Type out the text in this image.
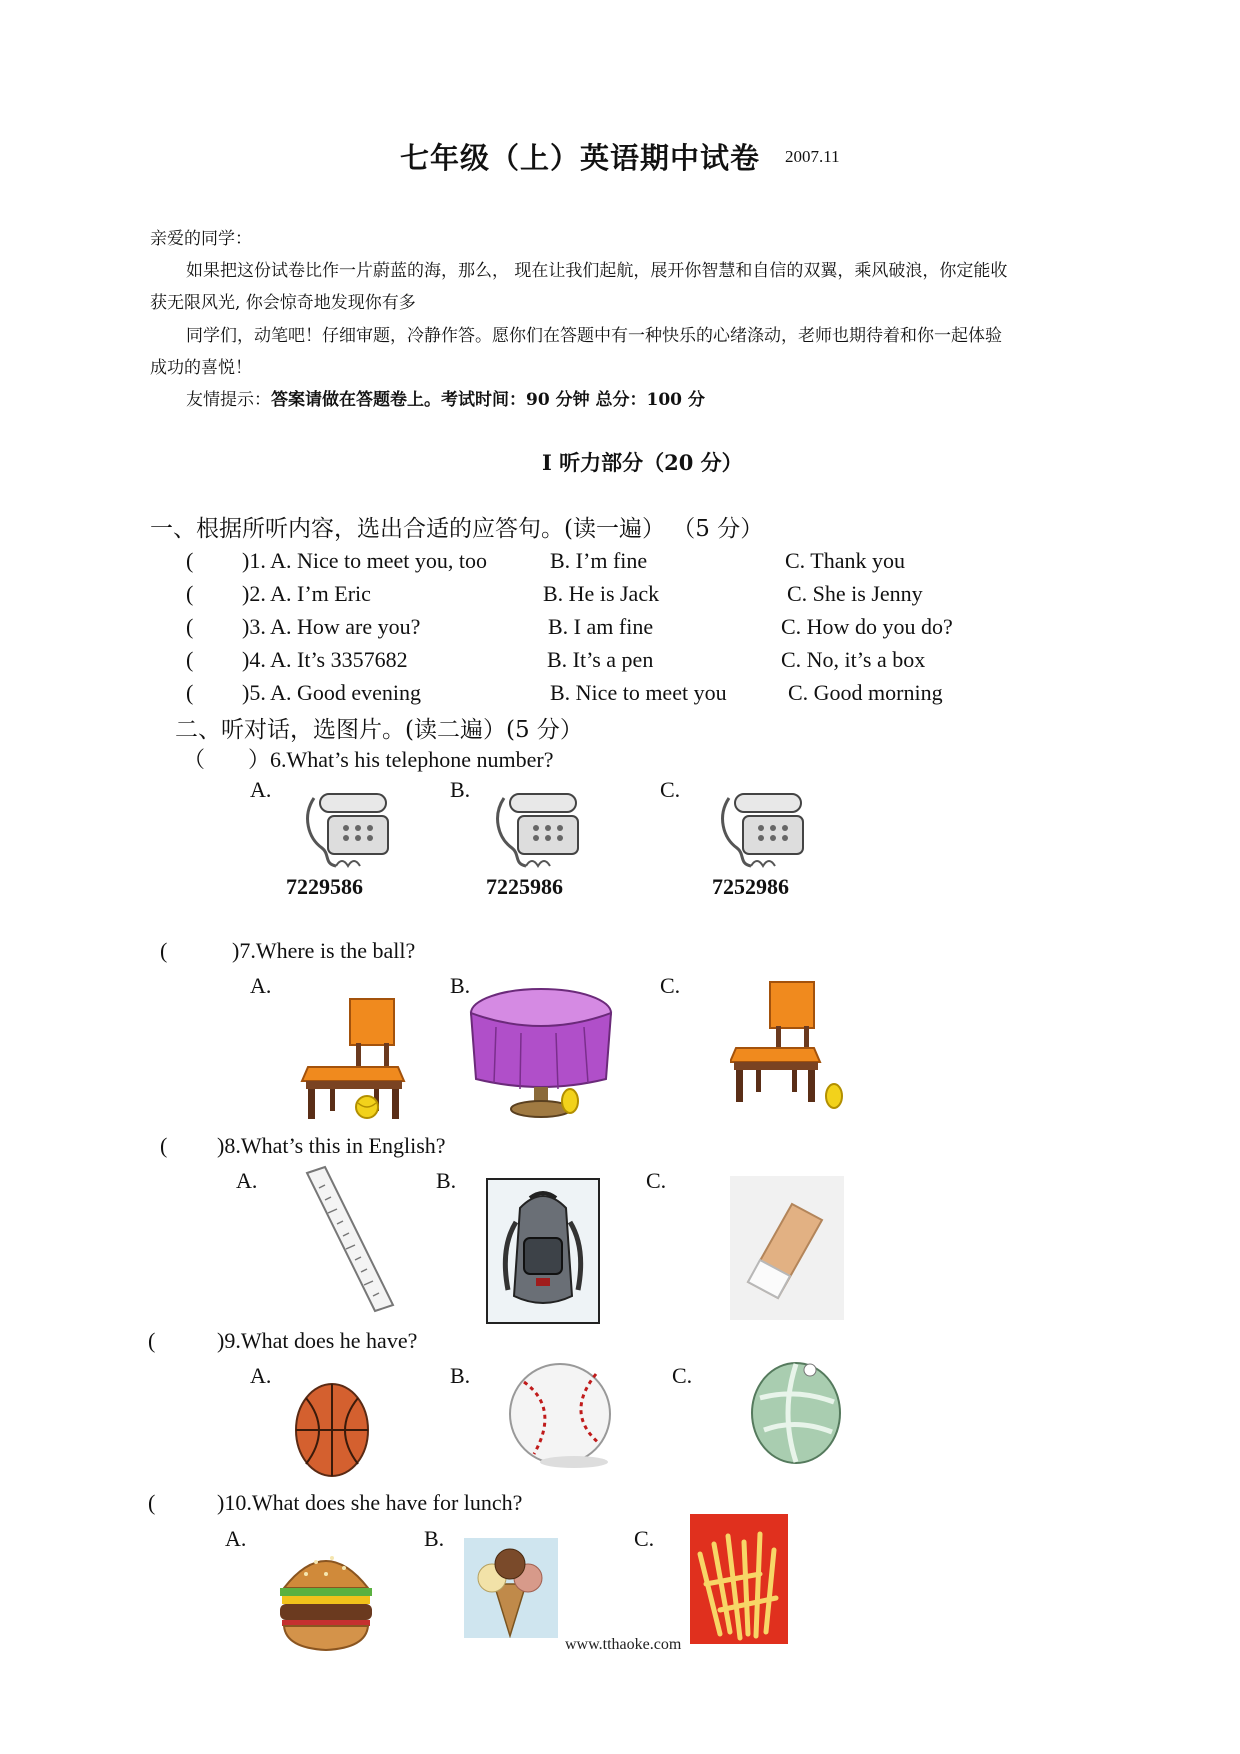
七年级（上）英语期中试卷 2007.11
亲爱的同学：
如果把这份试卷比作一片蔚蓝的海，那么， 现在让我们起航，展开你智慧和自信的双翼，乘风破浪，你定能收
获无限风光, 你会惊奇地发现你有多
同学们，动笔吧！仔细审题，冷静作答。愿你们在答题中有一种快乐的心绪涤动，老师也期待着和你一起体验
成功的喜悦！
友情提示：答案请做在答题卷上。考试时间：90 分钟 总分：100 分
I 听力部分（20 分）
一、根据所听内容，选出合适的应答句。(读一遍） （5 分）
( )1. A. Nice to meet you, too	B. I’m fine	C. Thank you
( )2. A. I’m Eric	B. He is Jack	C. She is Jenny
( )3. A. How are you?	B. I am fine	C. How do you do?
( )4. A. It’s 3357682	B. It’s a pen	C. No, it’s a box
( )5. A. Good evening	B. Nice to meet you	C. Good morning
二、听对话，选图片。(读二遍）(5 分）
（ ）6.What’s his telephone number?
A.	B.	C.
7229586	7225986	7252986
(	)7.Where is the ball?
A.	B.	C.
( )8.What’s this in English?
A.	B.	C.
(	)9.What does he have?
A.	B.	C.
(	)10.What does she have for lunch?
A.	B.	C.
www.tthaoke.com
